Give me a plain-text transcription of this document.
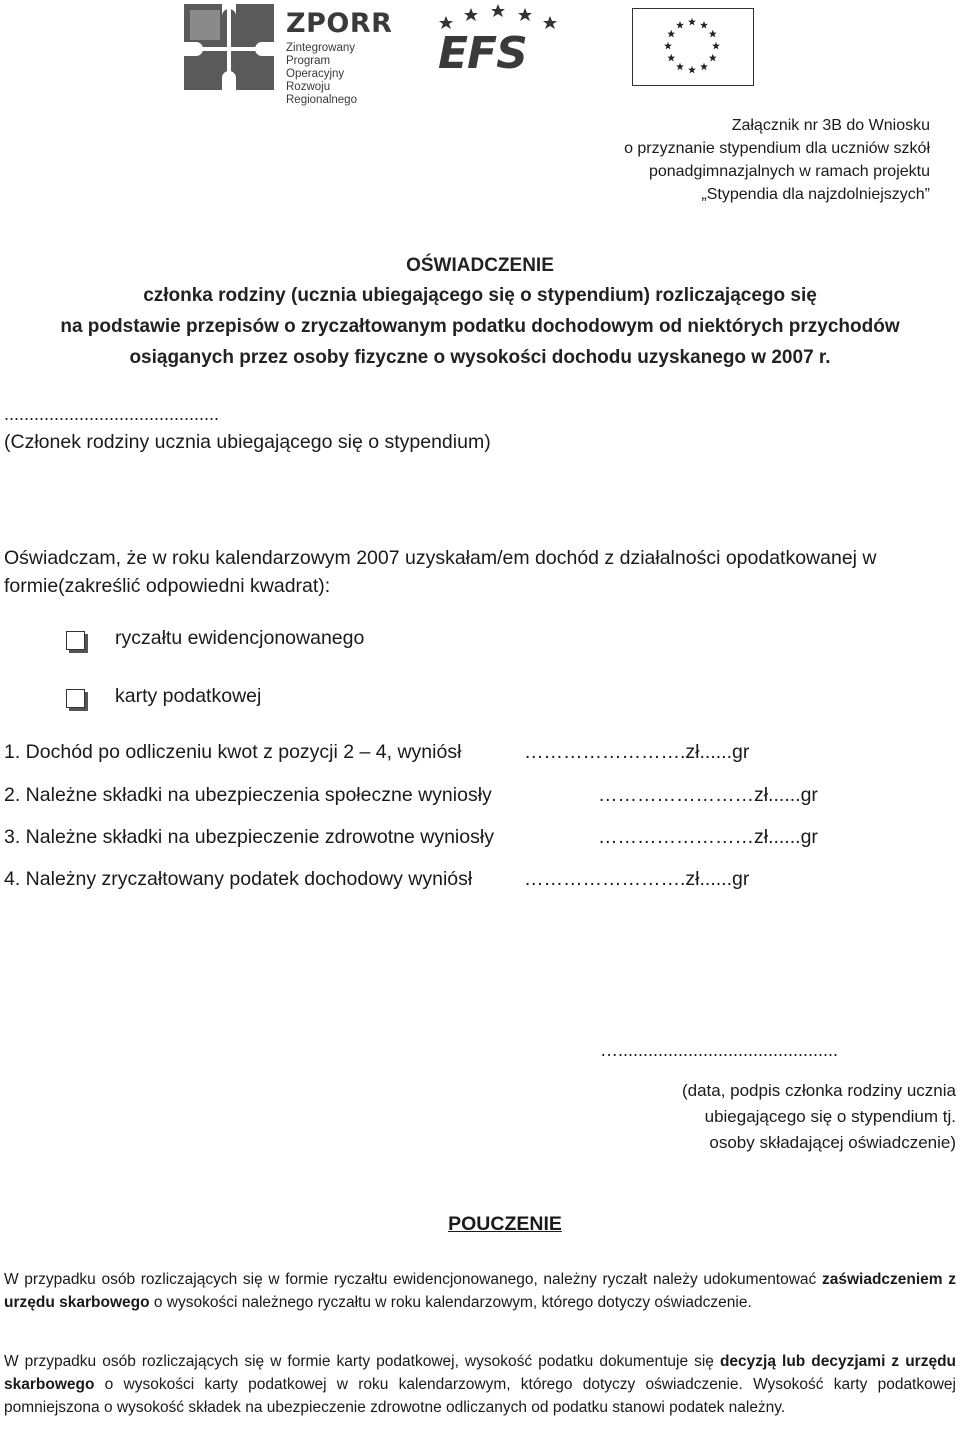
ZPORR
Zintegrowany Program
Operacyjny
Rozwoju Regionalnego
EFS
Załącznik nr 3B do Wniosku
o przyznanie stypendium dla uczniów szkół
ponadgimnazjalnych w ramach projektu
„Stypendia dla najzdolniejszych”
OŚWIADCZENIE
członka rodziny (ucznia ubiegającego się o stypendium) rozliczającego się
na podstawie przepisów o zryczałtowanym podatku dochodowym od niektórych przychodów
osiąganych przez osoby fizyczne o wysokości dochodu uzyskanego w 2007 r.
...........................................
(Członek rodziny ucznia ubiegającego się o stypendium)
Oświadczam, że w roku kalendarzowym 2007 uzyskałam/em dochód z działalności opodatkowanej w formie(zakreślić odpowiedni kwadrat):
ryczałtu ewidencjonowanego
karty podatkowej
1. Dochód po odliczeniu kwot z pozycji 2 – 4, wyniósł	…………………….zł......gr
2. Należne składki na ubezpieczenia społeczne wyniosły	……………………zł......gr
3. Należne składki na ubezpieczenie zdrowotne wyniosły	……………………zł......gr
4. Należny zryczałtowany podatek dochodowy wyniósł	…………………….zł......gr
…............................................
(data, podpis członka rodziny ucznia
ubiegającego się o stypendium tj.
osoby składającej oświadczenie)
POUCZENIE
W przypadku osób rozliczających się w formie ryczałtu ewidencjonowanego, należny ryczałt należy udokumentować zaświadczeniem z urzędu skarbowego o wysokości należnego ryczałtu w roku kalendarzowym, którego dotyczy oświadczenie.
W przypadku osób rozliczających się w formie karty podatkowej, wysokość podatku dokumentuje się decyzją lub decyzjami z urzędu skarbowego o wysokości karty podatkowej w roku kalendarzowym, którego dotyczy oświadczenie. Wysokość karty podatkowej pomniejszona o wysokość składek na ubezpieczenie zdrowotne odliczanych od podatku stanowi podatek należny.
